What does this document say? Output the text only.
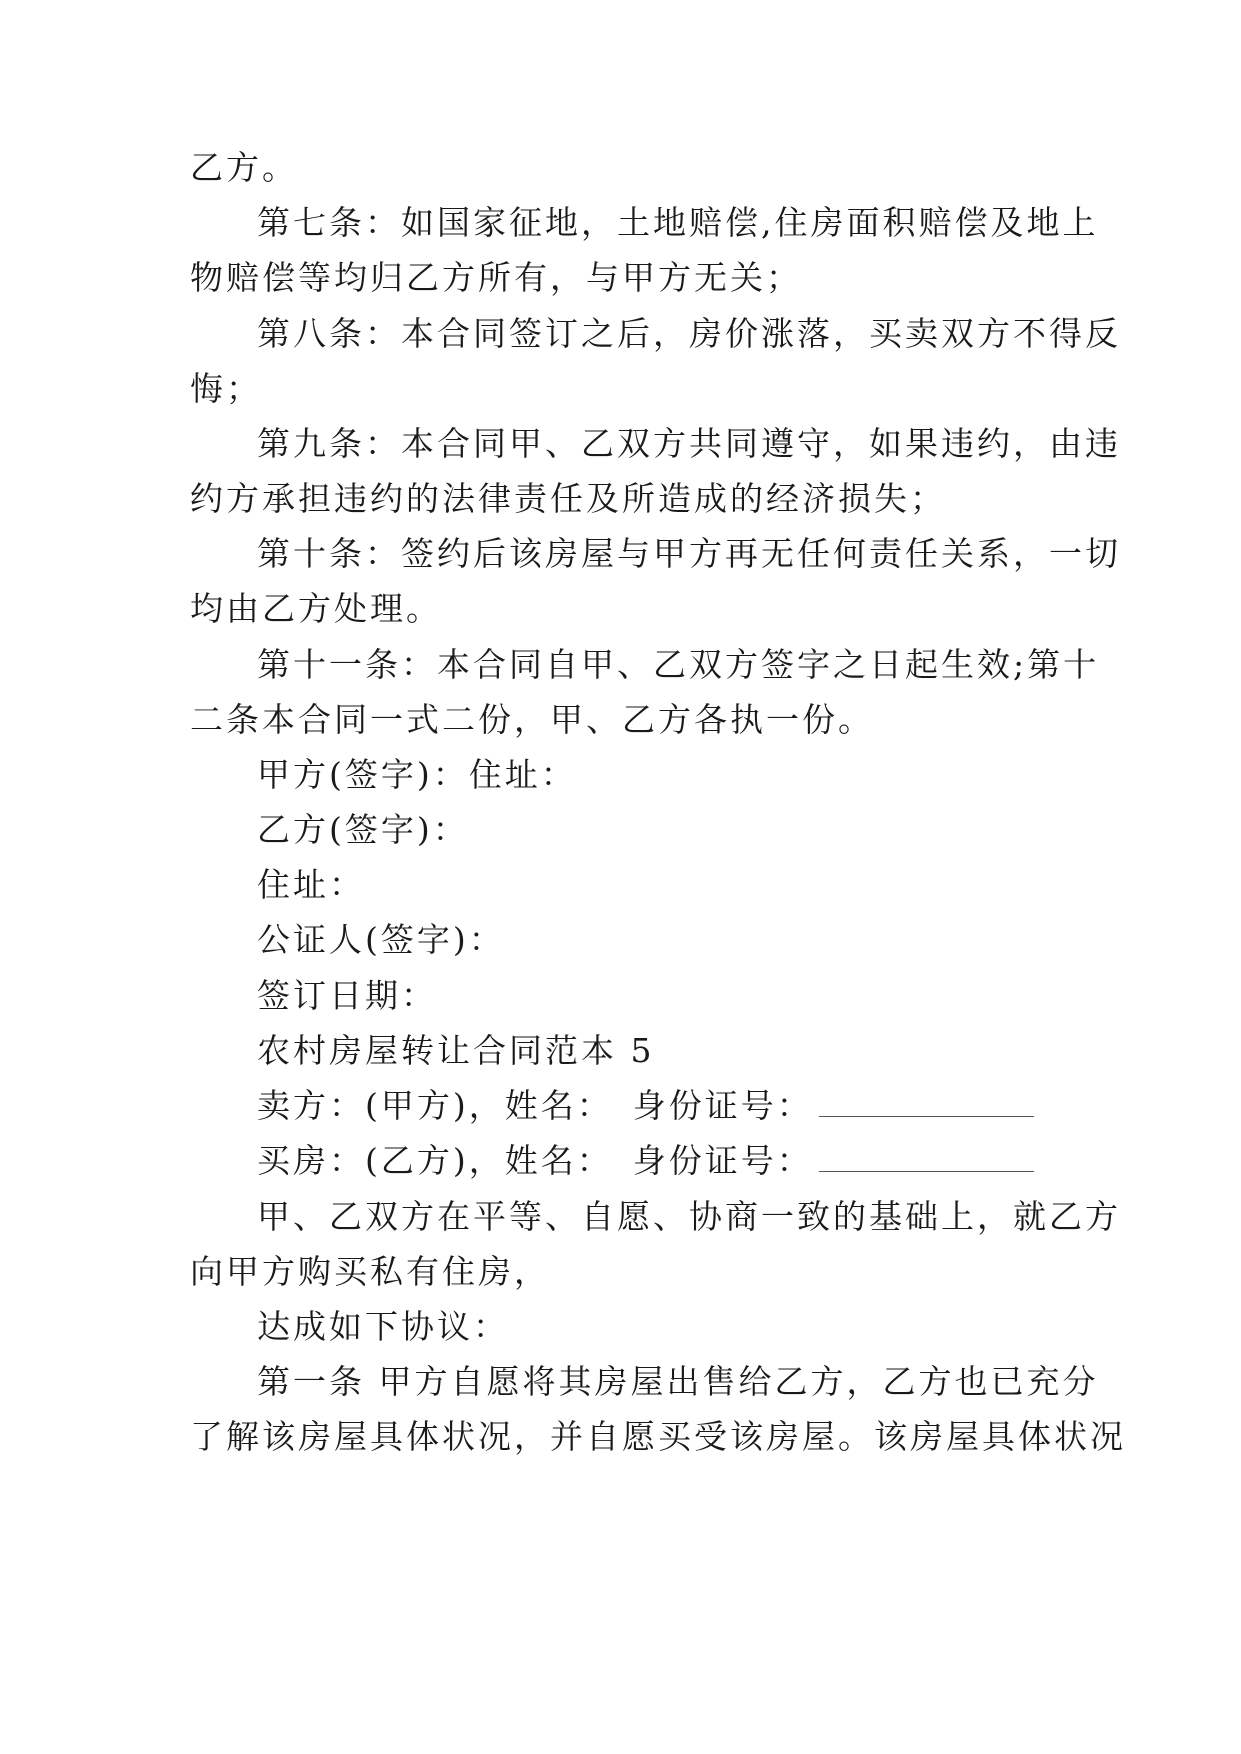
乙方。
第七条：如国家征地，土地赔偿,住房面积赔偿及地上
物赔偿等均归乙方所有，与甲方无关；
第八条：本合同签订之后，房价涨落，买卖双方不得反
悔；
第九条：本合同甲、乙双方共同遵守，如果违约，由违
约方承担违约的法律责任及所造成的经济损失；
第十条：签约后该房屋与甲方再无任何责任关系，一切
均由乙方处理。
第十一条：本合同自甲、乙双方签字之日起生效;第十
二条本合同一式二份，甲、乙方各执一份。
甲方(签字)：住址：
乙方(签字)：
住址：
公证人(签字)：
签订日期：
农村房屋转让合同范本 5
卖方：(甲方)，姓名： 身份证号：
买房：(乙方)，姓名： 身份证号：
甲、乙双方在平等、自愿、协商一致的基础上，就乙方
向甲方购买私有住房，
达成如下协议：
第一条 甲方自愿将其房屋出售给乙方，乙方也已充分
了解该房屋具体状况，并自愿买受该房屋。该房屋具体状况
